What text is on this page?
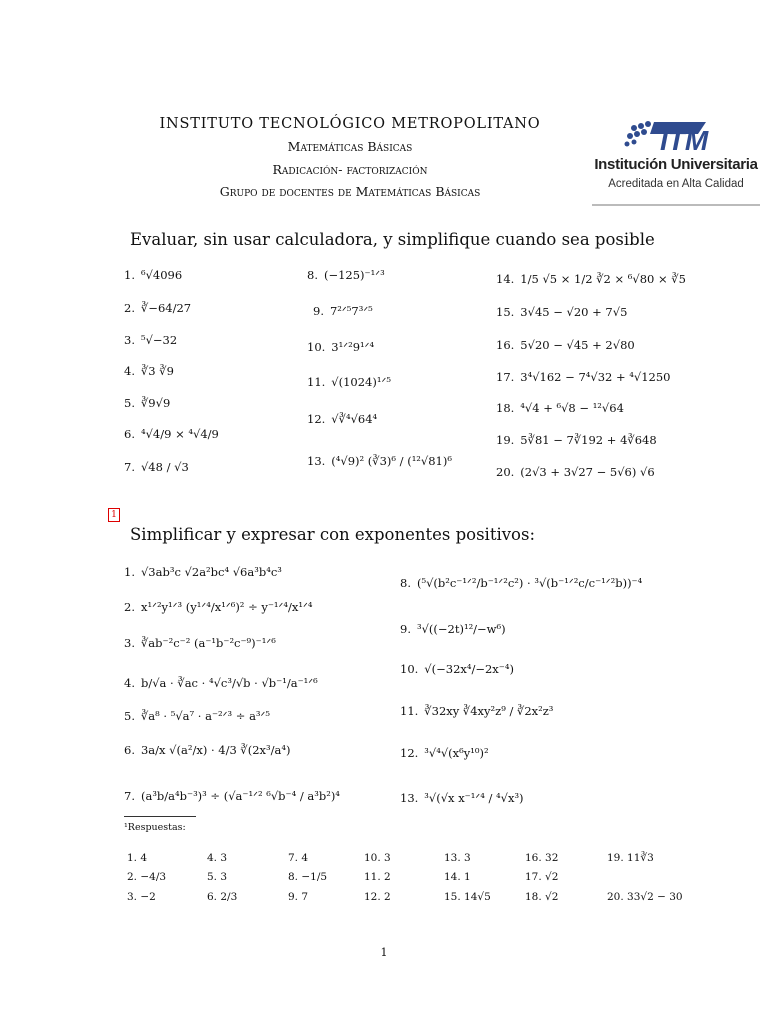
INSTITUTO TECNOLÓGICO METROPOLITANO
Matemáticas Básicas
Radicación- factorización
Grupo de docentes de Matemáticas Básicas
ITM
Institución Universitaria
Acreditada en Alta Calidad
Evaluar, sin usar calculadora, y simplifique cuando sea posible
1. ⁶√4096
2. ∛−64/27
3. ⁵√−32
4. ∛3 ∛9
5. ∛9√9
6. ⁴√4/9 × ⁴√4/9
7. √48 / √3
8. (−125)⁻¹ᐟ³
9. 7²ᐟ⁵7³ᐟ⁵
10. 3¹ᐟ²9¹ᐟ⁴
11. √(1024)¹ᐟ⁵
12. √∛⁴√64⁴
13. (⁴√9)² (∛3)⁶ / (¹²√81)⁶
14. 1/5 √5 × 1/2 ∛2 × ⁶√80 × ∛5
15. 3√45 − √20 + 7√5
16. 5√20 − √45 + 2√80
17. 3⁴√162 − 7⁴√32 + ⁴√1250
18. ⁴√4 + ⁶√8 − ¹²√64
19. 5∛81 − 7∛192 + 4∛648
20. (2√3 + 3√27 − 5√6) √6
1
Simplificar y expresar con exponentes positivos:
1. √3ab³c √2a²bc⁴ √6a³b⁴c³
2. x¹ᐟ²y¹ᐟ³ (y¹ᐟ⁴/x¹ᐟ⁶)² ÷ y⁻¹ᐟ⁴/x¹ᐟ⁴
3. ∛ab⁻²c⁻² (a⁻¹b⁻²c⁻⁹)⁻¹ᐟ⁶
4. b/√a · ∛ac · ⁴√c³/√b · √b⁻¹/a⁻¹ᐟ⁶
5. ∛a⁸ · ⁵√a⁷ · a⁻²ᐟ³ ÷ a³ᐟ⁵
6. 3a/x √(a²/x) · 4/3 ∛(2x³/a⁴)
7. (a³b/a⁴b⁻³)³ ÷ (√a⁻¹ᐟ² ⁶√b⁻⁴ / a³b²)⁴
8. (⁵√(b²c⁻¹ᐟ²/b⁻¹ᐟ²c²) · ³√(b⁻¹ᐟ²c/c⁻¹ᐟ²b))⁻⁴
9. ³√((−2t)¹²/−w⁶)
10. √(−32x⁴/−2x⁻⁴)
11. ∛32xy ∛4xy²z⁹ / ∛2x²z³
12. ³√⁴√(x⁶y¹⁰)²
13. ³√(√x x⁻¹ᐟ⁴ / ⁴√x³)
¹Respuestas:
1. 4	4. 3	7. 4	10. 3	13. 3	16. 32	19. 11∛3
2. −4/3	5. 3	8. −1/5	11. 2	14. 1	17. √2
3. −2	6. 2/3	9. 7	12. 2	15. 14√5	18. √2	20. 33√2 − 30
1
